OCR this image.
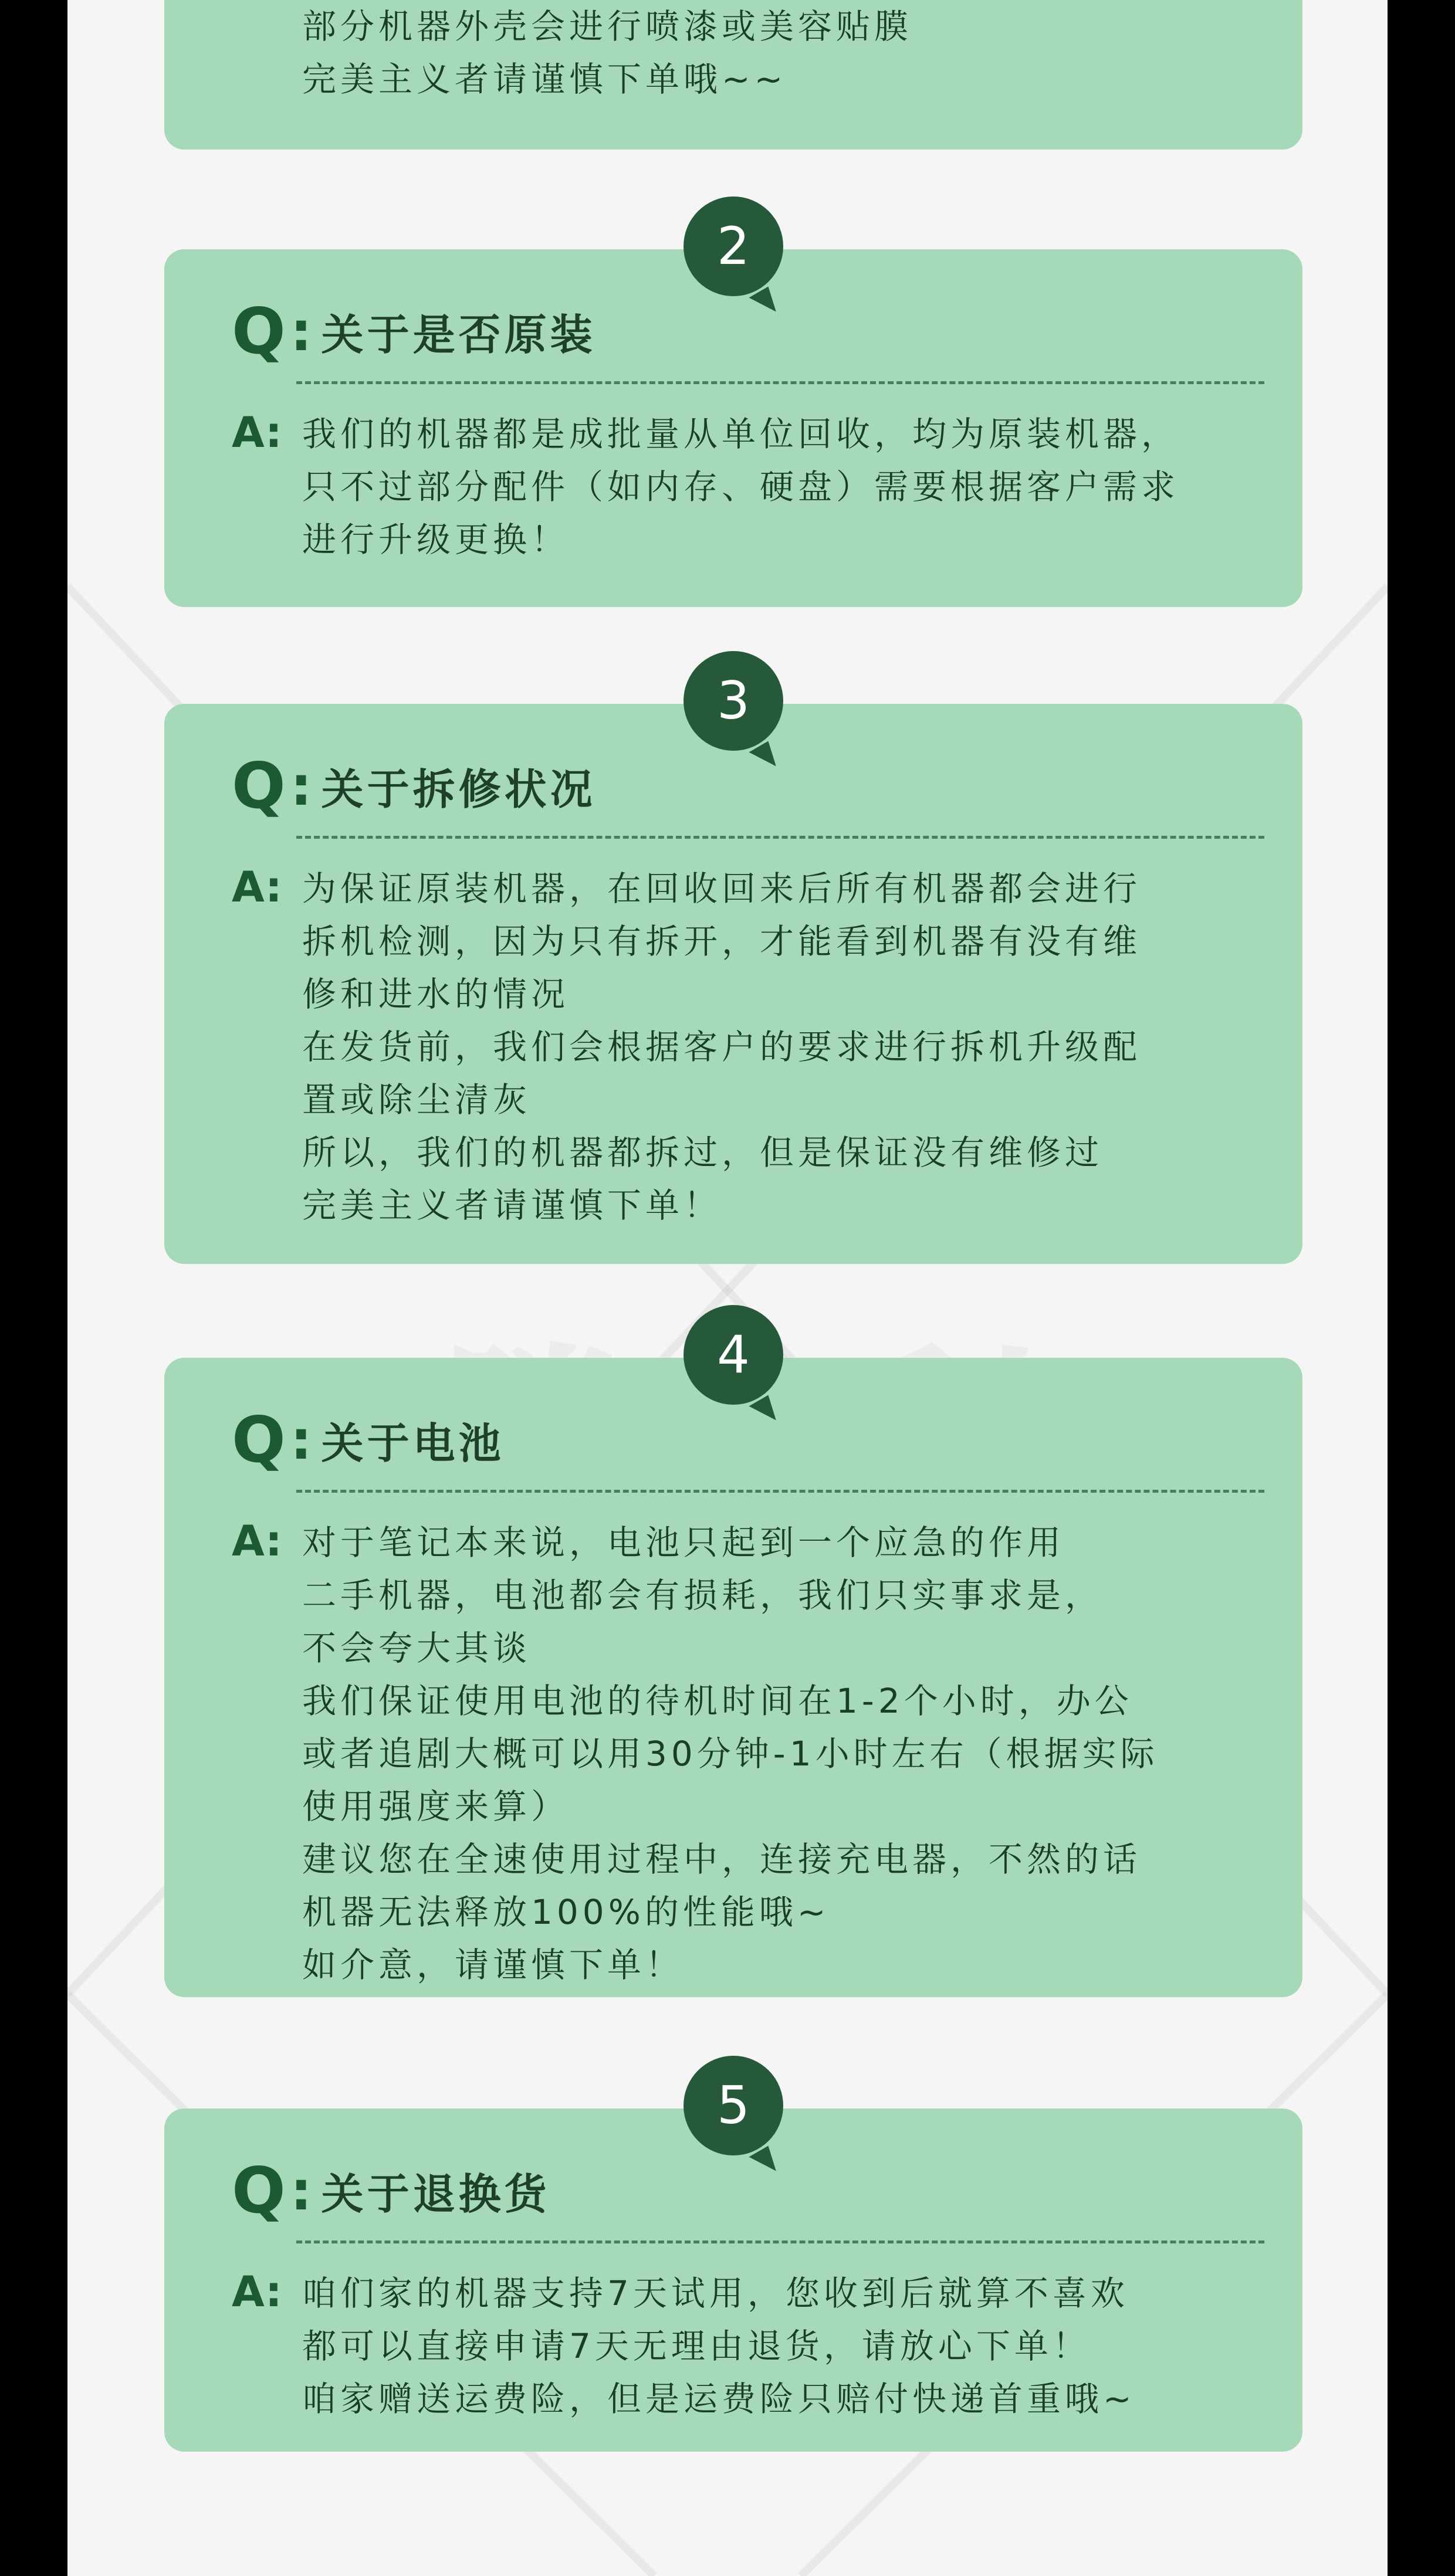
部分机器外壳会进行喷漆或美容贴膜
完美主义者请谨慎下单哦~~
2
Q : 关于是否原装
A: 我们的机器都是成批量从单位回收，均为原装机器，
只不过部分配件（如内存、硬盘）需要根据客户需求
进行升级更换！
3
Q : 关于拆修状况
A: 为保证原装机器，在回收回来后所有机器都会进行
拆机检测，因为只有拆开，才能看到机器有没有维
修和进水的情况
在发货前，我们会根据客户的要求进行拆机升级配
置或除尘清灰
所以，我们的机器都拆过，但是保证没有维修过
完美主义者请谨慎下单！
4
Q : 关于电池
A: 对于笔记本来说，电池只起到一个应急的作用
二手机器，电池都会有损耗，我们只实事求是，
不会夸大其谈
我们保证使用电池的待机时间在1-2个小时，办公
或者追剧大概可以用30分钟-1小时左右（根据实际
使用强度来算）
建议您在全速使用过程中，连接充电器，不然的话
机器无法释放100%的性能哦~
如介意，请谨慎下单！
5
Q : 关于退换货
A: 咱们家的机器支持7天试用，您收到后就算不喜欢
都可以直接申请7天无理由退货，请放心下单！
咱家赠送运费险，但是运费险只赔付快递首重哦~
